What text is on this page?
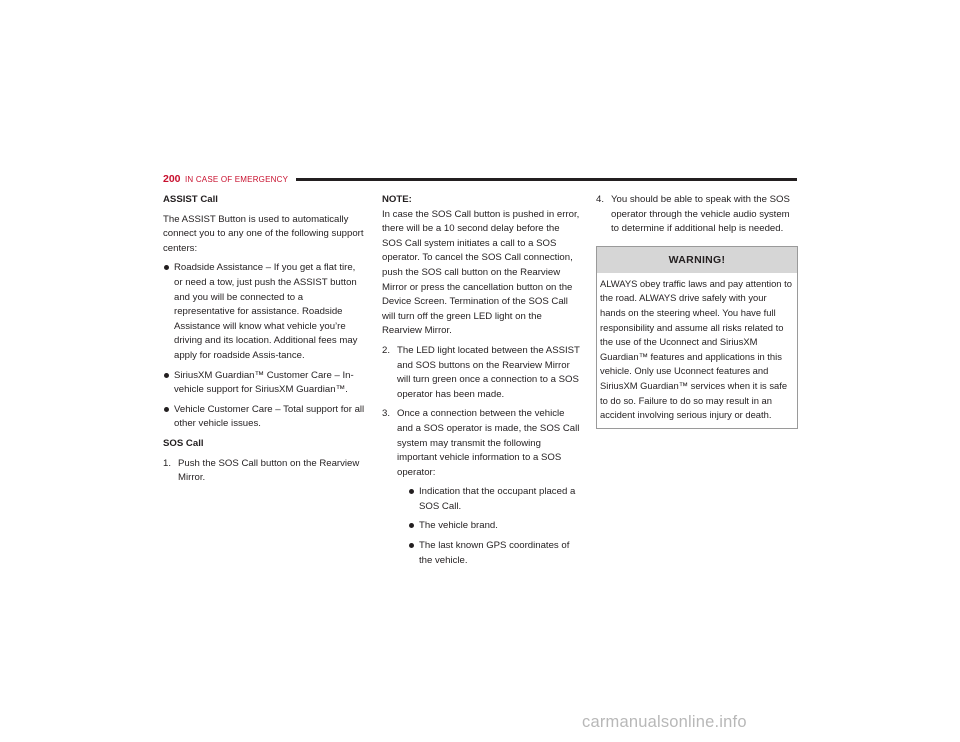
200 IN CASE OF EMERGENCY

ASSIST Call

The ASSIST Button is used to automatically connect you to any one of the following support centers:

Roadside Assistance – If you get a flat tire, or need a tow, just push the ASSIST button and you will be connected to a representative for assistance. Roadside Assistance will know what vehicle you’re driving and its location. Additional fees may apply for roadside Assis-tance.
SiriusXM Guardian™ Customer Care – In-vehicle support for SiriusXM Guardian™.
Vehicle Customer Care – Total support for all other vehicle issues.

SOS Call

1. Push the SOS Call button on the Rearview Mirror.

NOTE:

In case the SOS Call button is pushed in error, there will be a 10 second delay before the SOS Call system initiates a call to a SOS operator. To cancel the SOS Call connection, push the SOS call button on the Rearview Mirror or press the cancellation button on the Device Screen. Termination of the SOS Call will turn off the green LED light on the Rearview Mirror.

2. The LED light located between the ASSIST and SOS buttons on the Rearview Mirror will turn green once a connection to a SOS operator has been made.
3. Once a connection between the vehicle and a SOS operator is made, the SOS Call system may transmit the following important vehicle information to a SOS operator:
Indication that the occupant placed a SOS Call.
The vehicle brand.
The last known GPS coordinates of the vehicle.
4. You should be able to speak with the SOS operator through the vehicle audio system to determine if additional help is needed.
WARNING!
ALWAYS obey traffic laws and pay attention to the road. ALWAYS drive safely with your hands on the steering wheel. You have full responsibility and assume all risks related to the use of the Uconnect and SiriusXM Guardian™ features and applications in this vehicle. Only use Uconnect features and SiriusXM Guardian™ services when it is safe to do so. Failure to do so may result in an accident involving serious injury or death.
carmanualsonline.info
